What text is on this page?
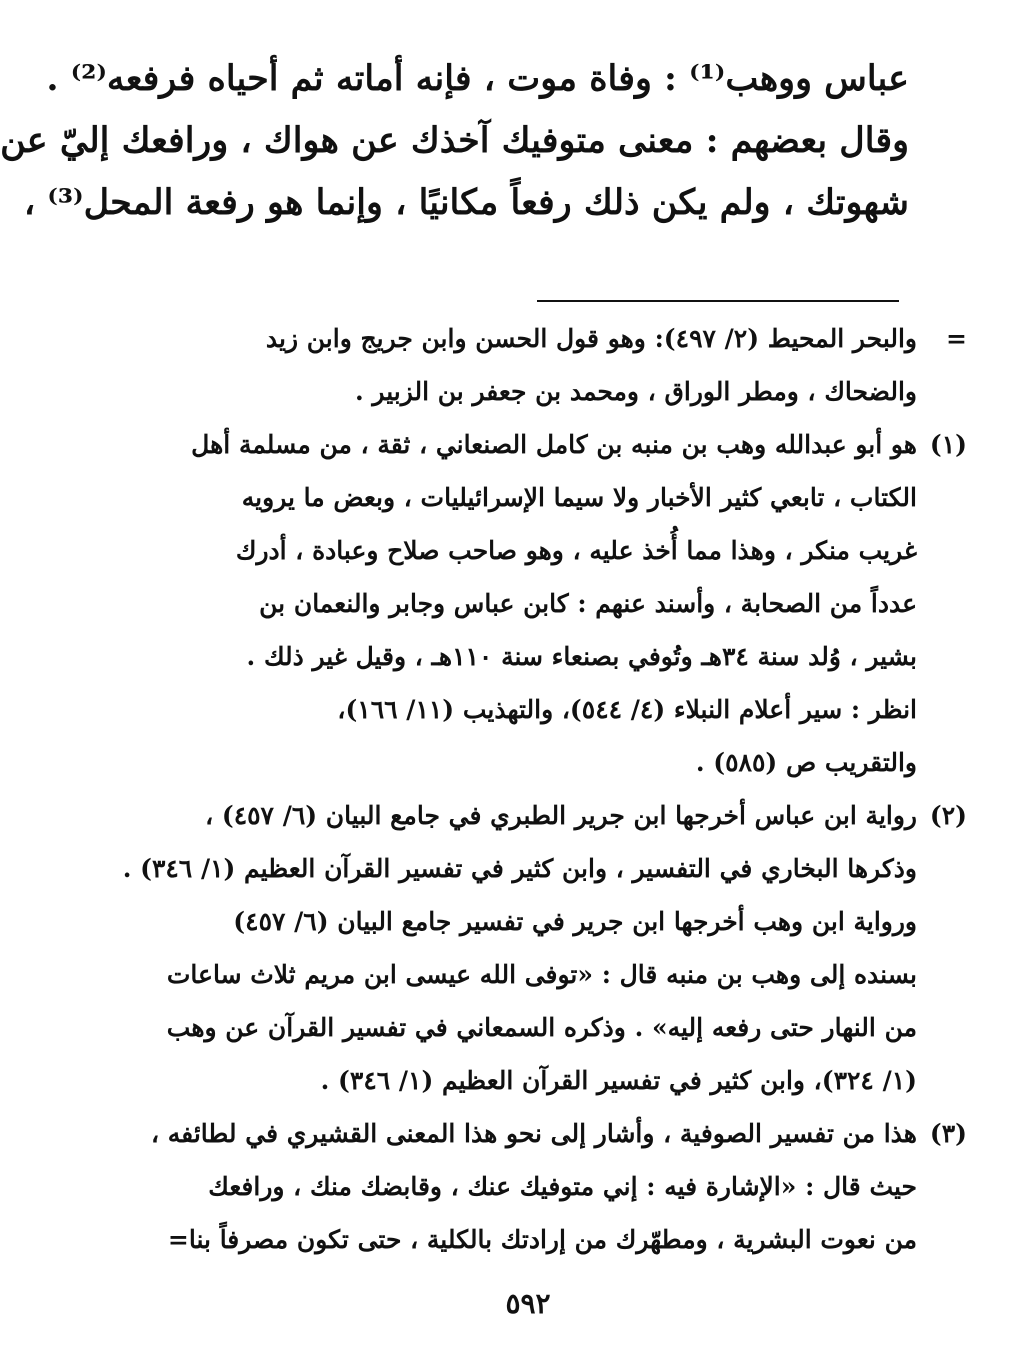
عباس ووهب⁽¹⁾ : وفاة موت ، فإنه أماته ثم أحياه فرفعه⁽²⁾ .
وقال بعضهم : معنى متوفيك آخذك عن هواك ، ورافعك إليّ عن
شهوتك ، ولم يكن ذلك رفعاً مكانيًا ، وإنما هو رفعة المحل⁽³⁾ ،
=
والبحر المحيط (٢/ ٤٩٧): وهو قول الحسن وابن جريج وابن زيد
والضحاك ، ومطر الوراق ، ومحمد بن جعفر بن الزبير .
(١)
هو أبو عبدالله وهب بن منبه بن كامل الصنعاني ، ثقة ، من مسلمة أهل
الكتاب ، تابعي كثير الأخبار ولا سيما الإسرائيليات ، وبعض ما يرويه
غريب منكر ، وهذا مما أُخذ عليه ، وهو صاحب صلاح وعبادة ، أدرك
عدداً من الصحابة ، وأسند عنهم : كابن عباس وجابر والنعمان بن
بشير ، وُلد سنة ٣٤هـ وتُوفي بصنعاء سنة ١١٠هـ ، وقيل غير ذلك .
انظر : سير أعلام النبلاء (٤/ ٥٤٤)، والتهذيب (١١/ ١٦٦)،
والتقريب ص (٥٨٥) .
(٢)
رواية ابن عباس أخرجها ابن جرير الطبري في جامع البيان (٦/ ٤٥٧) ،
وذكرها البخاري في التفسير ، وابن كثير في تفسير القرآن العظيم (١/ ٣٤٦) .
ورواية ابن وهب أخرجها ابن جرير في تفسير جامع البيان (٦/ ٤٥٧)
بسنده إلى وهب بن منبه قال : «توفى الله عيسى ابن مريم ثلاث ساعات
من النهار حتى رفعه إليه» . وذكره السمعاني في تفسير القرآن عن وهب
(١/ ٣٢٤)، وابن كثير في تفسير القرآن العظيم (١/ ٣٤٦) .
(٣)
هذا من تفسير الصوفية ، وأشار إلى نحو هذا المعنى القشيري في لطائفه ،
حيث قال : «الإشارة فيه : إني متوفيك عنك ، وقابضك منك ، ورافعك
من نعوت البشرية ، ومطهّرك من إرادتك بالكلية ، حتى تكون مصرفاً بنا=
٥٩٢
